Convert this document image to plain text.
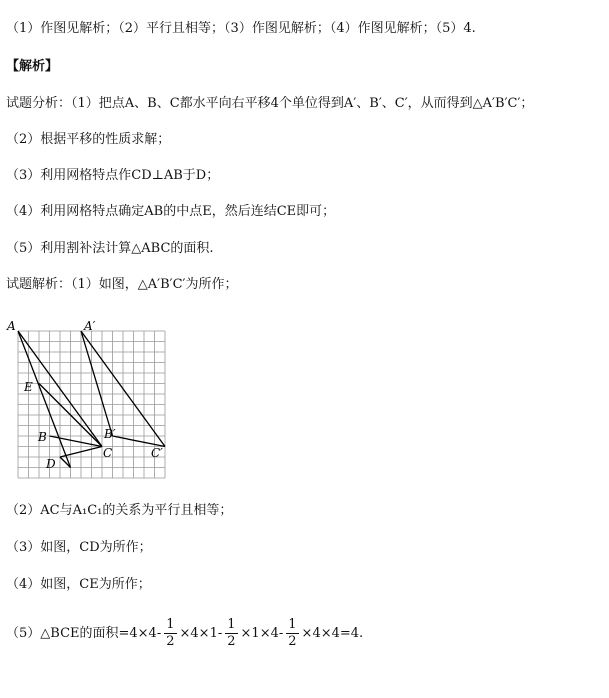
（1）作图见解析；（2）平行且相等；（3）作图见解析；（4）作图见解析；（5）4.
【解析】
试题分析：（1）把点A、B、C都水平向右平移4个单位得到A′、B′、C′，从而得到△A′B′C′；
（2）根据平移的性质求解；
（3）利用网格特点作CD⊥AB于D；
（4）利用网格特点确定AB的中点E，然后连结CE即可；
（5）利用割补法计算△ABC的面积.
试题解析：（1）如图，△A′B′C′为所作；
A	A′
E
B	B′
C	C′
D
（2）AC与A₁C₁的关系为平行且相等；
（3）如图，CD为所作；
（4）如图，CE为所作；
（5）△BCE的面积$=4\times 4- \frac{1}{2} \times 4\times 1- \frac{1}{2} \times 1\times 4- \frac{1}{2} \times 4\times 4=4$.
